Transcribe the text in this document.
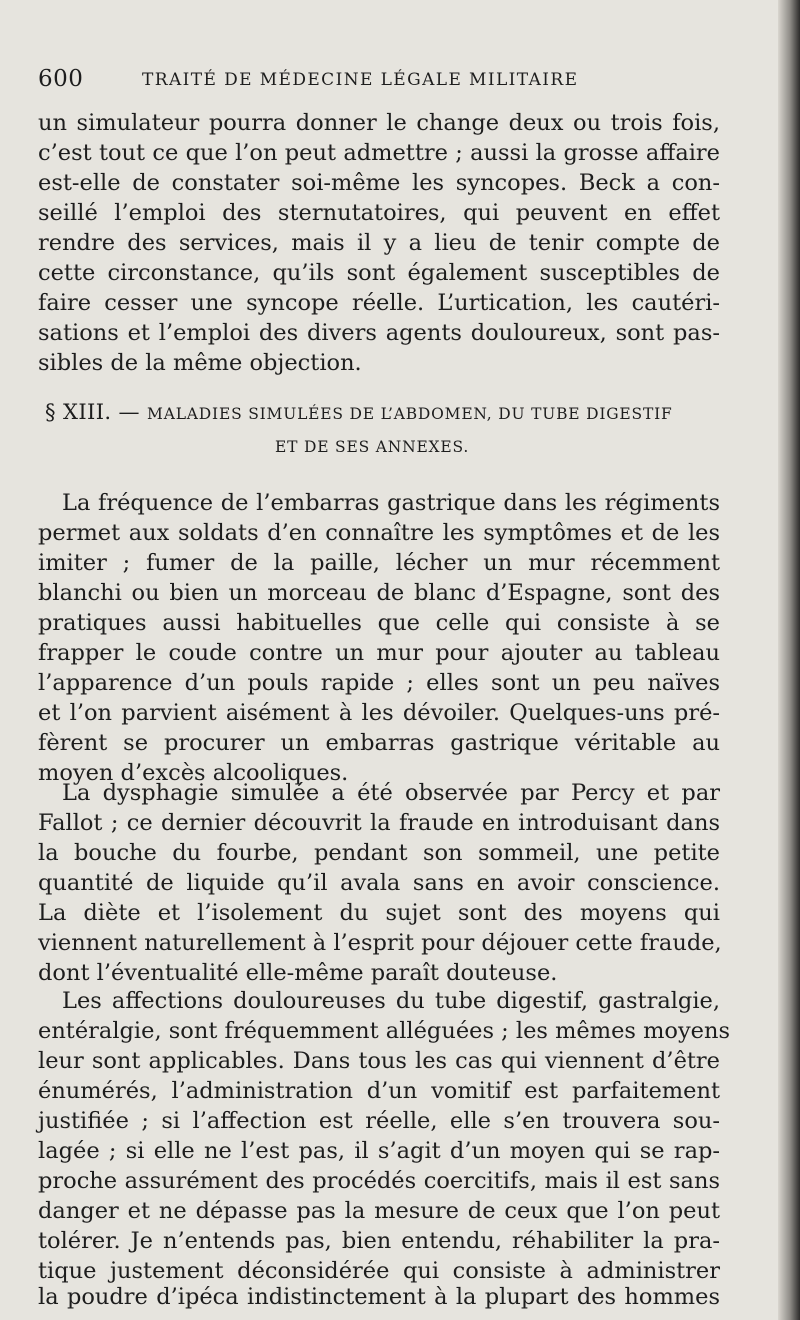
600	TRAITÉ DE MÉDECINE LÉGALE MILITAIRE
un simulateur pourra donner le change deux ou trois fois,
c’est tout ce que l’on peut admettre ; aussi la grosse affaire
est-elle de constater soi-même les syncopes. Beck a con-
seillé l’emploi des sternutatoires, qui peuvent en effet
rendre des services, mais il y a lieu de tenir compte de
cette circonstance, qu’ils sont également susceptibles de
faire cesser une syncope réelle. L’urtication, les cautéri-
sations et l’emploi des divers agents douloureux, sont pas-
sibles de la même objection.
§ XIII. — MALADIES SIMULÉES DE L’ABDOMEN, DU TUBE DIGESTIF
ET DE SES ANNEXES.
La fréquence de l’embarras gastrique dans les régiments
permet aux soldats d’en connaître les symptômes et de les
imiter ; fumer de la paille, lécher un mur récemment
blanchi ou bien un morceau de blanc d’Espagne, sont des
pratiques aussi habituelles que celle qui consiste à se
frapper le coude contre un mur pour ajouter au tableau
l’apparence d’un pouls rapide ; elles sont un peu naïves
et l’on parvient aisément à les dévoiler. Quelques-uns pré-
fèrent se procurer un embarras gastrique véritable au
moyen d’excès alcooliques.
La dysphagie simulée a été observée par Percy et par
Fallot ; ce dernier découvrit la fraude en introduisant dans
la bouche du fourbe, pendant son sommeil, une petite
quantité de liquide qu’il avala sans en avoir conscience.
La diète et l’isolement du sujet sont des moyens qui
viennent naturellement à l’esprit pour déjouer cette fraude,
dont l’éventualité elle-même paraît douteuse.
Les affections douloureuses du tube digestif, gastralgie,
entéralgie, sont fréquemment alléguées ; les mêmes moyens
leur sont applicables. Dans tous les cas qui viennent d’être
énumérés, l’administration d’un vomitif est parfaitement
justifiée ; si l’affection est réelle, elle s’en trouvera sou-
lagée ; si elle ne l’est pas, il s’agit d’un moyen qui se rap-
proche assurément des procédés coercitifs, mais il est sans
danger et ne dépasse pas la mesure de ceux que l’on peut
tolérer. Je n’entends pas, bien entendu, réhabiliter la pra-
tique justement déconsidérée qui consiste à administrer
la poudre d’ipéca indistinctement à la plupart des hommes
